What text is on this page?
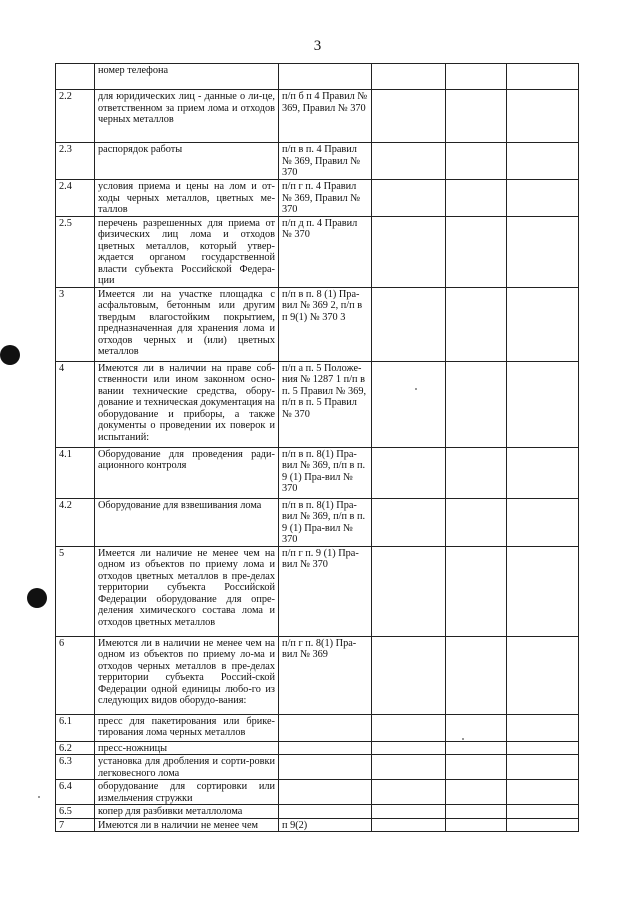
3
	номер телефона				
2.2	для юридических лиц - данные о ли-це, ответственном за прием лома и отходов черных металлов	п/п б п 4 Правил № 369, Правил № 370			
2.3	распорядок работы	п/п в п. 4 Правил № 369, Правил № 370			
2.4	условия приема и цены на лом и от-ходы черных металлов, цветных ме-таллов	п/п г п. 4 Правил № 369, Правил № 370			
2.5	перечень разрешенных для приема от физических лиц лома и отходов цветных металлов, который утвер-ждается органом государственной власти субъекта Российской Федера-ции	п/п д п. 4 Правил № 370			
3	Имеется ли на участке площадка с асфальтовым, бетонным или другим твердым влагостойким покрытием, предназначенная для хранения лома и отходов черных и (или) цветных металлов	п/п в п. 8 (1) Пра-вил № 369 2, п/п в п 9(1) № 370 3			
4	Имеются ли в наличии на праве соб-ственности или ином законном осно-вании технические средства, обору-дование и техническая документация на оборудование и приборы, а также документы о проведении их поверок и испытаний:	п/п а п. 5 Положе-ния № 1287 1 п/п в п. 5 Правил № 369, п/п в п. 5 Правил № 370			
4.1	Оборудование для проведения ради-ационного контроля	п/п в п. 8(1) Пра-вил № 369, п/п в п. 9 (1) Пра-вил № 370			
4.2	Оборудование для взвешивания лома	п/п в п. 8(1) Пра-вил № 369, п/п в п. 9 (1) Пра-вил № 370			
5	Имеется ли наличие не менее чем на одном из объектов по приему лома и отходов цветных металлов в пре-делах территории субъекта Российской Федерации оборудование для опре-деления химического состава лома и отходов цветных металлов	п/п г п. 9 (1) Пра-вил № 370			
6	Имеются ли в наличии не менее чем на одном из объектов по приему ло-ма и отходов черных металлов в пре-делах территории субъекта Россий-ской Федерации одной единицы любо-го из следующих видов оборудо-вания:	п/п г п. 8(1) Пра-вил № 369			
6.1	пресс для пакетирования или брике-тирования лома черных металлов				
6.2	пресс-ножницы				
6.3	установка для дробления и сорти-ровки легковесного лома				
6.4	оборудование для сортировки или измельчения стружки				
6.5	копер для разбивки металлолома				
7	Имеются ли в наличии не менее чем	п 9(2)			
